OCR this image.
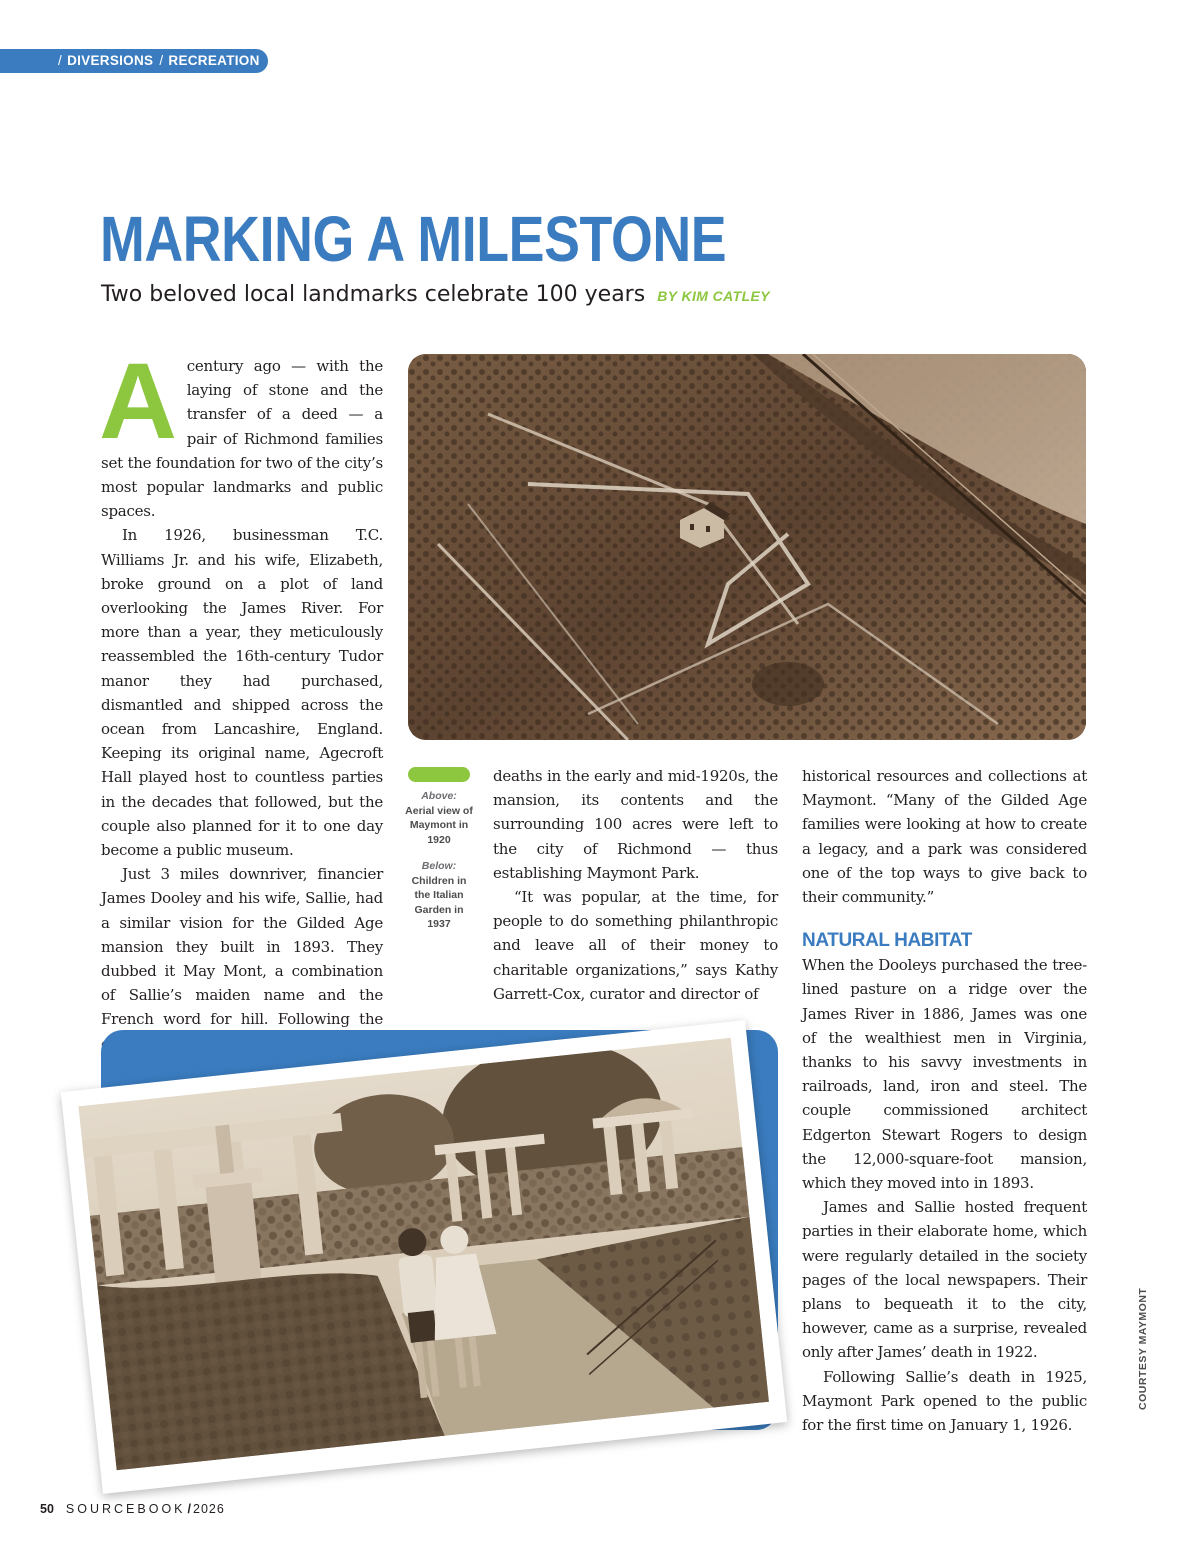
/ DIVERSIONS / RECREATION
MARKING A MILESTONE
Two beloved local landmarks celebrate 100 years BY KIM CATLEY

Acentury ago — with the laying of stone and the transfer of a deed — a pair of Richmond families set the foundation for two of the city’s most popular landmarks and public spaces.

In 1926, businessman T.C. Williams Jr. and his wife, Elizabeth, broke ground on a plot of land overlooking the James River. For more than a year, they meticulously reassembled the 16th-century Tudor manor they had purchased, dismantled and shipped across the ocean from Lancashire, England. Keeping its original name, Agecroft Hall played host to countless parties in the decades that followed, but the couple also planned for it to one day become a public museum.

Just 3 miles downriver, financier James Dooley and his wife, Sallie, had a similar vision for the Gilded Age mansion they built in 1893. They dubbed it May Mont, a combination of Sallie’s maiden name and the French word for hill. Following the

Above:
Aerial view of Maymont in 1920
Below:
Children in the Italian Garden in 1937

deaths in the early and mid-1920s, the mansion, its contents and the surrounding 100 acres were left to the city of Richmond — thus establishing Maymont Park.

“It was popular, at the time, for people to do something philanthropic and leave all of their money to charitable organizations,” says Kathy Garrett-Cox, curator and director of

historical resources and collections at Maymont. “Many of the Gilded Age families were looking at how to create a legacy, and a park was considered one of the top ways to give back to their community.”

NATURAL HABITAT

When the Dooleys purchased the tree-lined pasture on a ridge over the James River in 1886, James was one of the wealthiest men in Virginia, thanks to his savvy investments in railroads, land, iron and steel. The couple commissioned architect Edgerton Stewart Rogers to design the 12,000-square-foot mansion, which they moved into in 1893.

James and Sallie hosted frequent parties in their elaborate home, which were regularly detailed in the society pages of the local newspapers. Their plans to bequeath it to the city, however, came as a surprise, revealed only after James’ death in 1922.

Following Sallie’s death in 1925, Maymont Park opened to the public for the first time on January 1, 1926.

COURTESY MAYMONT
50 SOURCEBOOK / 2026
